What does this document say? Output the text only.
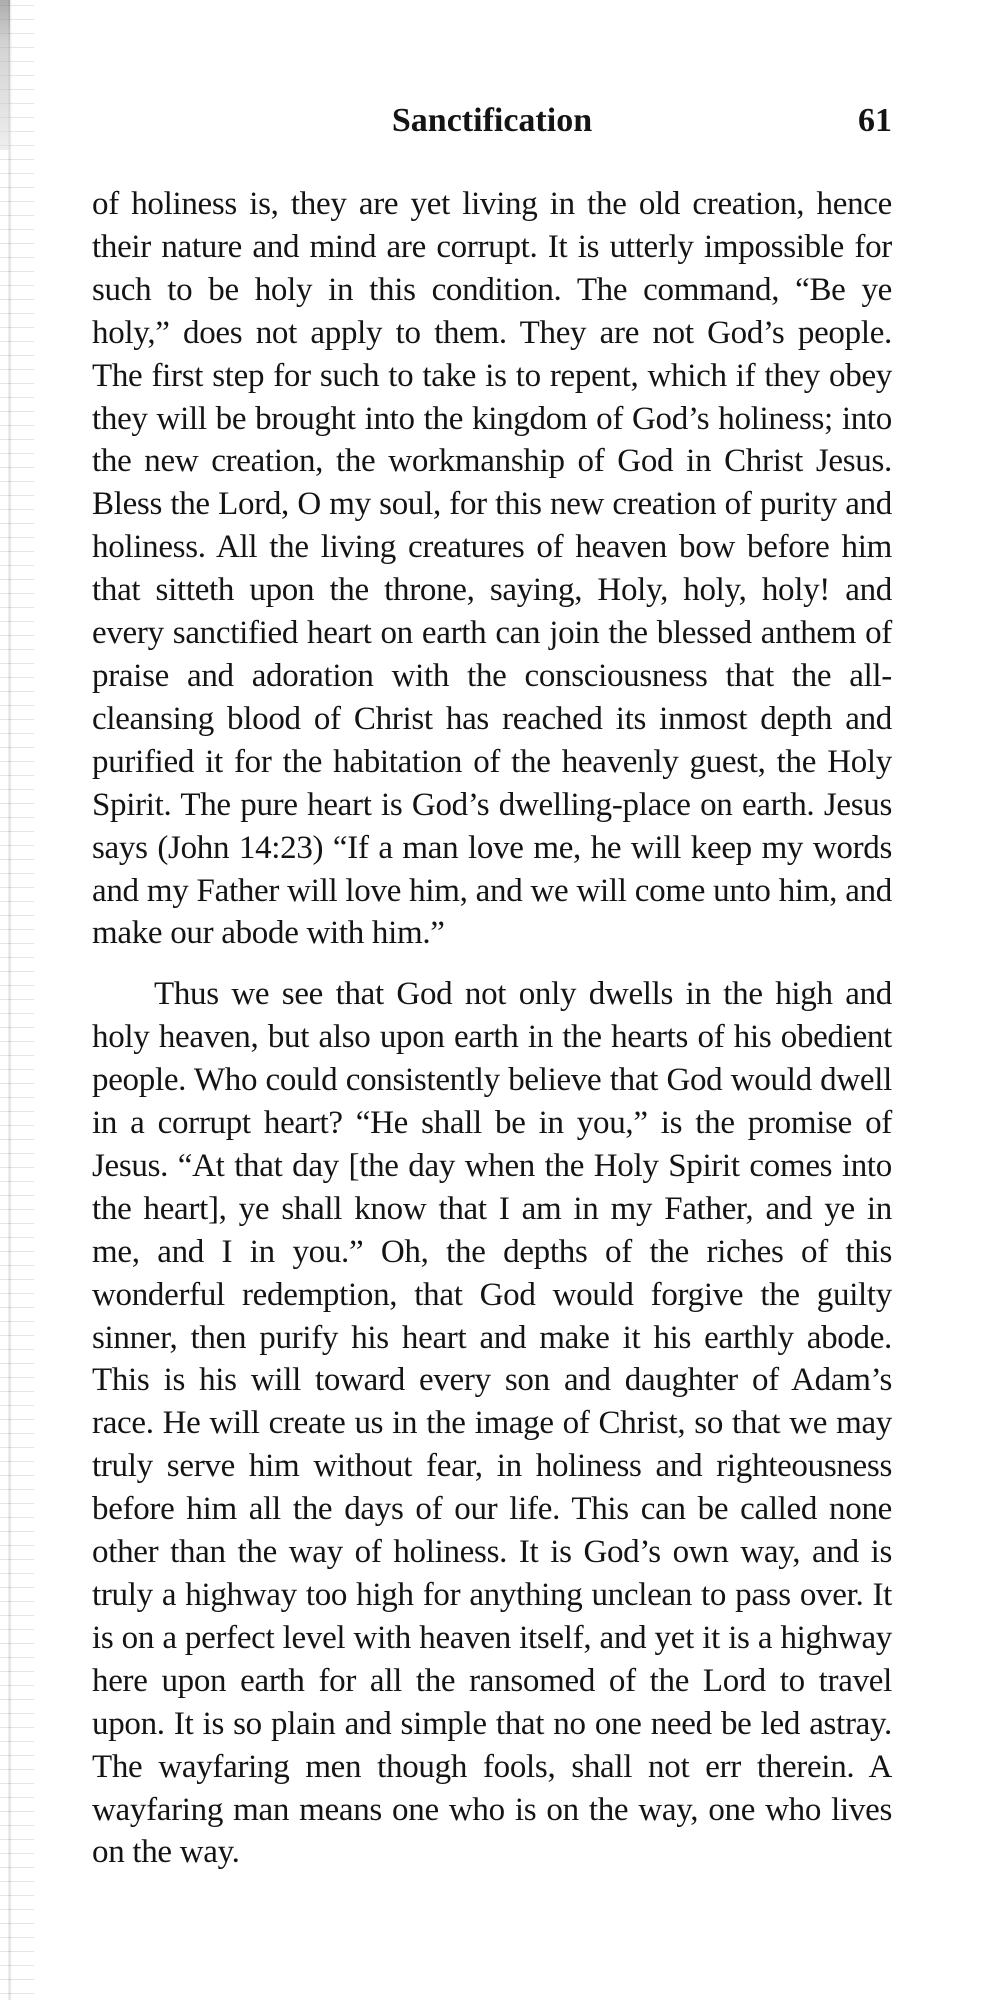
Sanctification	61

of holiness is, they are yet living in the old creation, hence their nature and mind are corrupt. It is utterly impossible for such to be holy in this condition. The command, “Be ye holy,” does not apply to them. They are not God’s people. The first step for such to take is to repent, which if they obey they will be brought into the kingdom of God’s holiness; into the new creation, the workmanship of God in Christ Jesus. Bless the Lord, O my soul, for this new creation of purity and holiness. All the living creatures of heaven bow before him that sitteth upon the throne, saying, Holy, holy, holy! and every sanctified heart on earth can join the blessed anthem of praise and adoration with the consciousness that the all-cleansing blood of Christ has reached its inmost depth and purified it for the habitation of the heavenly guest, the Holy Spirit. The pure heart is God’s dwelling-place on earth. Jesus says (John 14:23) “If a man love me, he will keep my words and my Father will love him, and we will come unto him, and make our abode with him.”

Thus we see that God not only dwells in the high and holy heaven, but also upon earth in the hearts of his obedient people. Who could consistently believe that God would dwell in a corrupt heart? “He shall be in you,” is the promise of Jesus. “At that day [the day when the Holy Spirit comes into the heart], ye shall know that I am in my Father, and ye in me, and I in you.” Oh, the depths of the riches of this wonderful redemption, that God would forgive the guilty sinner, then purify his heart and make it his earthly abode. This is his will toward every son and daughter of Adam’s race. He will create us in the image of Christ, so that we may truly serve him without fear, in holiness and righteousness before him all the days of our life. This can be called none other than the way of holiness. It is God’s own way, and is truly a highway too high for anything unclean to pass over. It is on a perfect level with heaven itself, and yet it is a highway here upon earth for all the ransomed of the Lord to travel upon. It is so plain and simple that no one need be led astray. The wayfaring men though fools, shall not err therein. A wayfaring man means one who is on the way, one who lives on the way.
